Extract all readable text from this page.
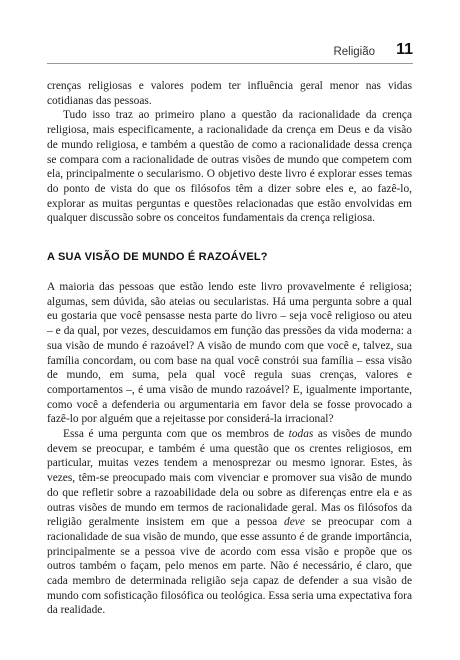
Religião 11

crenças religiosas e valores podem ter influência geral menor nas vidas cotidianas das pessoas.

Tudo isso traz ao primeiro plano a questão da racionalidade da crença religiosa, mais especificamente, a racionalidade da crença em Deus e da visão de mundo religiosa, e também a questão de como a racionalidade dessa crença se compara com a racionalidade de outras visões de mundo que competem com ela, principalmente o secularismo. O objetivo deste livro é explorar esses temas do ponto de vista do que os filósofos têm a dizer sobre eles e, ao fazê-lo, explorar as muitas perguntas e questões relacionadas que estão envolvidas em qualquer discussão sobre os conceitos fundamentais da crença religiosa.

A SUA VISÃO DE MUNDO É RAZOÁVEL?

A maioria das pessoas que estão lendo este livro provavelmente é religiosa; algumas, sem dúvida, são ateias ou secularistas. Há uma pergunta sobre a qual eu gostaria que você pensasse nesta parte do livro – seja você religioso ou ateu – e da qual, por vezes, descuidamos em função das pressões da vida moderna: a sua visão de mundo é razoável? A visão de mundo com que você e, talvez, sua família concordam, ou com base na qual você constrói sua família – essa visão de mundo, em suma, pela qual você regula suas crenças, valores e comportamentos –, é uma visão de mundo razoável? E, igualmente importante, como você a defenderia ou argumentaria em favor dela se fosse provocado a fazê-lo por alguém que a rejeitasse por considerá-la irracional?

Essa é uma pergunta com que os membros de todas as visões de mundo devem se preocupar, e também é uma questão que os crentes religiosos, em particular, muitas vezes tendem a menosprezar ou mesmo ignorar. Estes, às vezes, têm-se preocupado mais com vivenciar e promover sua visão de mundo do que refletir sobre a razoabilidade dela ou sobre as diferenças entre ela e as outras visões de mundo em termos de racionalidade geral. Mas os filósofos da religião geralmente insistem em que a pessoa deve se preocupar com a racionalidade de sua visão de mundo, que esse assunto é de grande importância, principalmente se a pessoa vive de acordo com essa visão e propõe que os outros também o façam, pelo menos em parte. Não é necessário, é claro, que cada membro de determinada religião seja capaz de defender a sua visão de mundo com sofisticação filosófica ou teológica. Essa seria uma expectativa fora da realidade.
